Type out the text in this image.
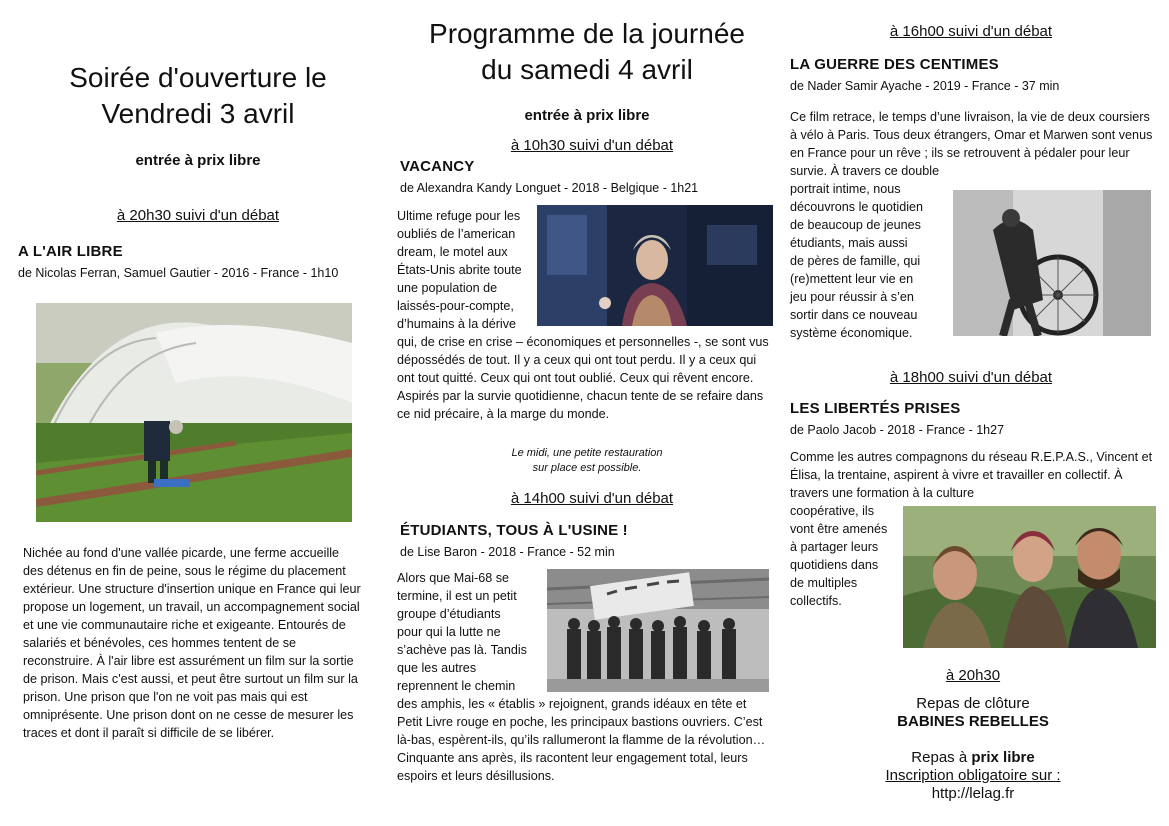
Soirée d'ouverture le
Vendredi 3 avril
entrée à prix libre
à 20h30 suivi d'un débat
A L'AIR LIBRE
de Nicolas Ferran, Samuel Gautier - 2016 - France - 1h10

Nichée au fond d'une vallée picarde, une ferme accueille des détenus en fin de peine, sous le régime du placement extérieur. Une structure d'insertion unique en France qui leur propose un logement, un travail, un accompagnement social et une vie communautaire riche et exigeante. Entourés de salariés et bénévoles, ces hommes tentent de se reconstruire. À l'air libre est assurément un film sur la sortie de prison. Mais c'est aussi, et peut être surtout un film sur la prison. Une prison que l'on ne voit pas mais qui est omniprésente. Une prison dont on ne cesse de mesurer les traces et dont il paraît si difficile de se libérer.

Programme de la journée
du samedi 4 avril
entrée à prix libre
à 10h30 suivi d'un débat
VACANCY
de Alexandra Kandy Longuet - 2018 - Belgique - 1h21
Ultime refuge pour les
oubliés de l’american
dream, le motel aux
États-Unis abrite toute
une population de
laissés-pour-compte,
d’humains à la dérive

qui, de crise en crise – économiques et personnelles -, se sont vus dépossédés de tout. Il y a ceux qui ont tout perdu. Il y a ceux qui ont tout quitté. Ceux qui ont tout oublié. Ceux qui rêvent encore. Aspirés par la survie quotidienne, chacun tente de se refaire dans ce nid précaire, à la marge du monde.

Le midi, une petite restauration
sur place est possible.
à 14h00 suivi d'un débat
ÉTUDIANTS, TOUS À L'USINE !
de Lise Baron - 2018 - France - 52 min
Alors que Mai-68 se
termine, il est un petit
groupe d’étudiants
pour qui la lutte ne
s’achève pas là. Tandis
que les autres
reprennent le chemin

des amphis, les « établis » rejoignent, grands idéaux en tête et Petit Livre rouge en poche, les principaux bastions ouvriers. C’est là-bas, espèrent-ils, qu’ils rallumeront la flamme de la révolution… Cinquante ans après, ils racontent leur engagement total, leurs espoirs et leurs désillusions.

à 16h00 suivi d'un débat
LA GUERRE DES CENTIMES
de Nader Samir Ayache - 2019 - France - 37 min

Ce film retrace, le temps d’une livraison, la vie de deux coursiers à vélo à Paris. Tous deux étrangers, Omar et Marwen sont venus en France pour un rêve ; ils se retrouvent à pédaler pour leur survie. À travers ce double

portrait intime, nous
découvrons le quotidien
de beaucoup de jeunes
étudiants, mais aussi
de pères de famille, qui
(re)mettent leur vie en
jeu pour réussir à s’en
sortir dans ce nouveau
système économique.
à 18h00 suivi d'un débat
LES LIBERTÉS PRISES
de Paolo Jacob - 2018 - France - 1h27

Comme les autres compagnons du réseau R.E.P.A.S., Vincent et Élisa, la trentaine, aspirent à vivre et travailler en collectif. À travers une formation à la culture

coopérative, ils
vont être amenés
à partager leurs
quotidiens dans
de multiples
collectifs.
à 20h30
Repas de clôture
BABINES REBELLES
Repas à prix libre
Inscription obligatoire sur :
http://lelag.fr
